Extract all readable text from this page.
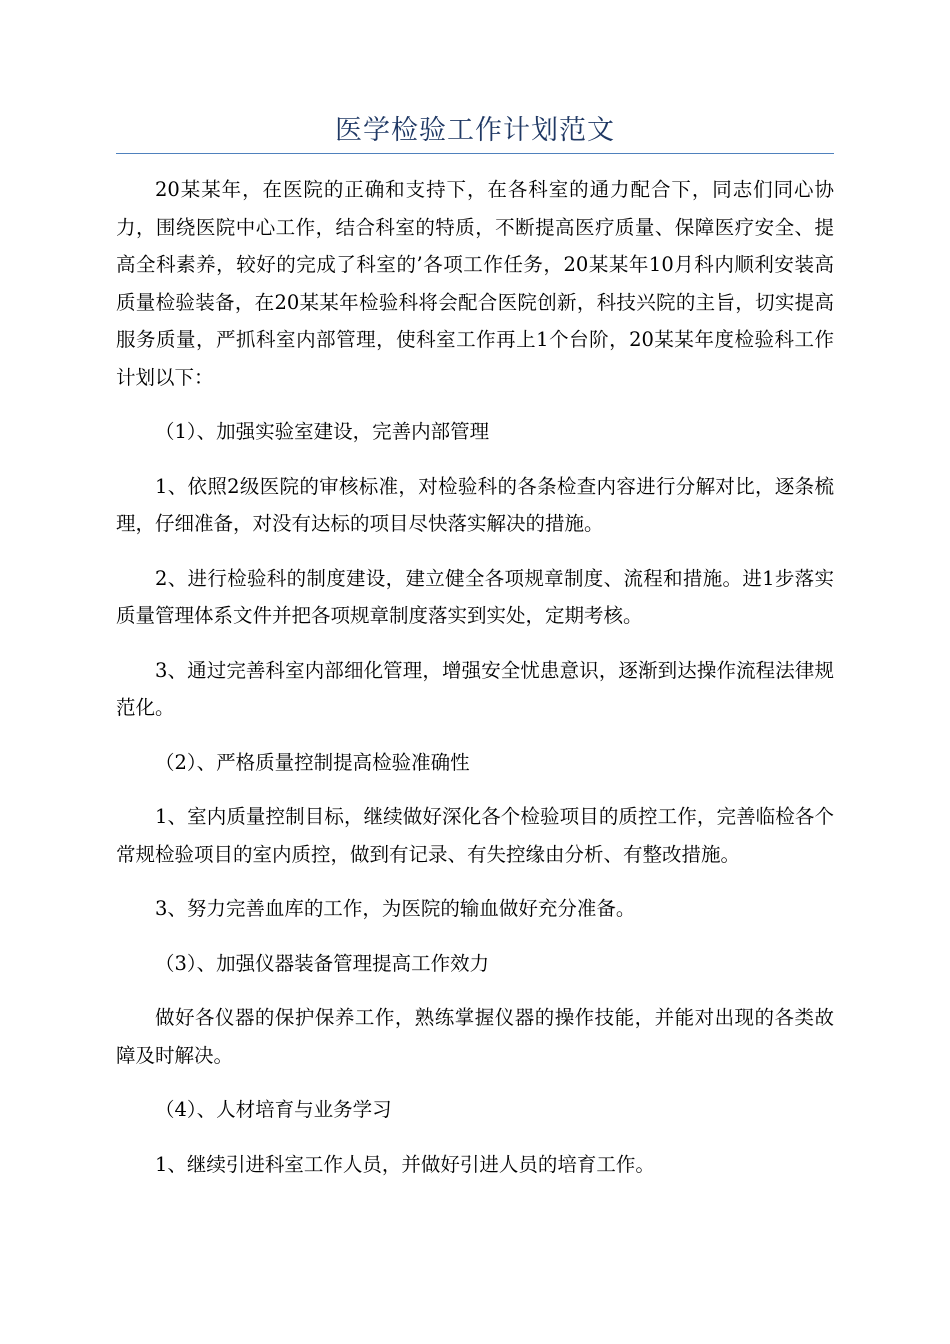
医学检验工作计划范文

20某某年，在医院的正确和支持下，在各科室的通力配合下，同志们同心协力，围绕医院中心工作，结合科室的特质，不断提高医疗质量、保障医疗安全、提高全科素养，较好的完成了科室的’各项工作任务，20某某年10月科内顺利安装高质量检验装备，在20某某年检验科将会配合医院创新，科技兴院的主旨，切实提高服务质量，严抓科室内部管理，使科室工作再上1个台阶，20某某年度检验科工作计划以下：

（1）、加强实验室建设，完善内部管理

1、依照2级医院的审核标准，对检验科的各条检查内容进行分解对比，逐条梳理，仔细准备，对没有达标的项目尽快落实解决的措施。

2、进行检验科的制度建设，建立健全各项规章制度、流程和措施。进1步落实质量管理体系文件并把各项规章制度落实到实处，定期考核。

3、通过完善科室内部细化管理，增强安全忧患意识，逐渐到达操作流程法律规范化。

（2）、严格质量控制提高检验准确性

1、室内质量控制目标，继续做好深化各个检验项目的质控工作，完善临检各个常规检验项目的室内质控，做到有记录、有失控缘由分析、有整改措施。

3、努力完善血库的工作，为医院的输血做好充分准备。

（3）、加强仪器装备管理提高工作效力

做好各仪器的保护保养工作，熟练掌握仪器的操作技能，并能对出现的各类故障及时解决。

（4）、人材培育与业务学习

1、继续引进科室工作人员，并做好引进人员的培育工作。
